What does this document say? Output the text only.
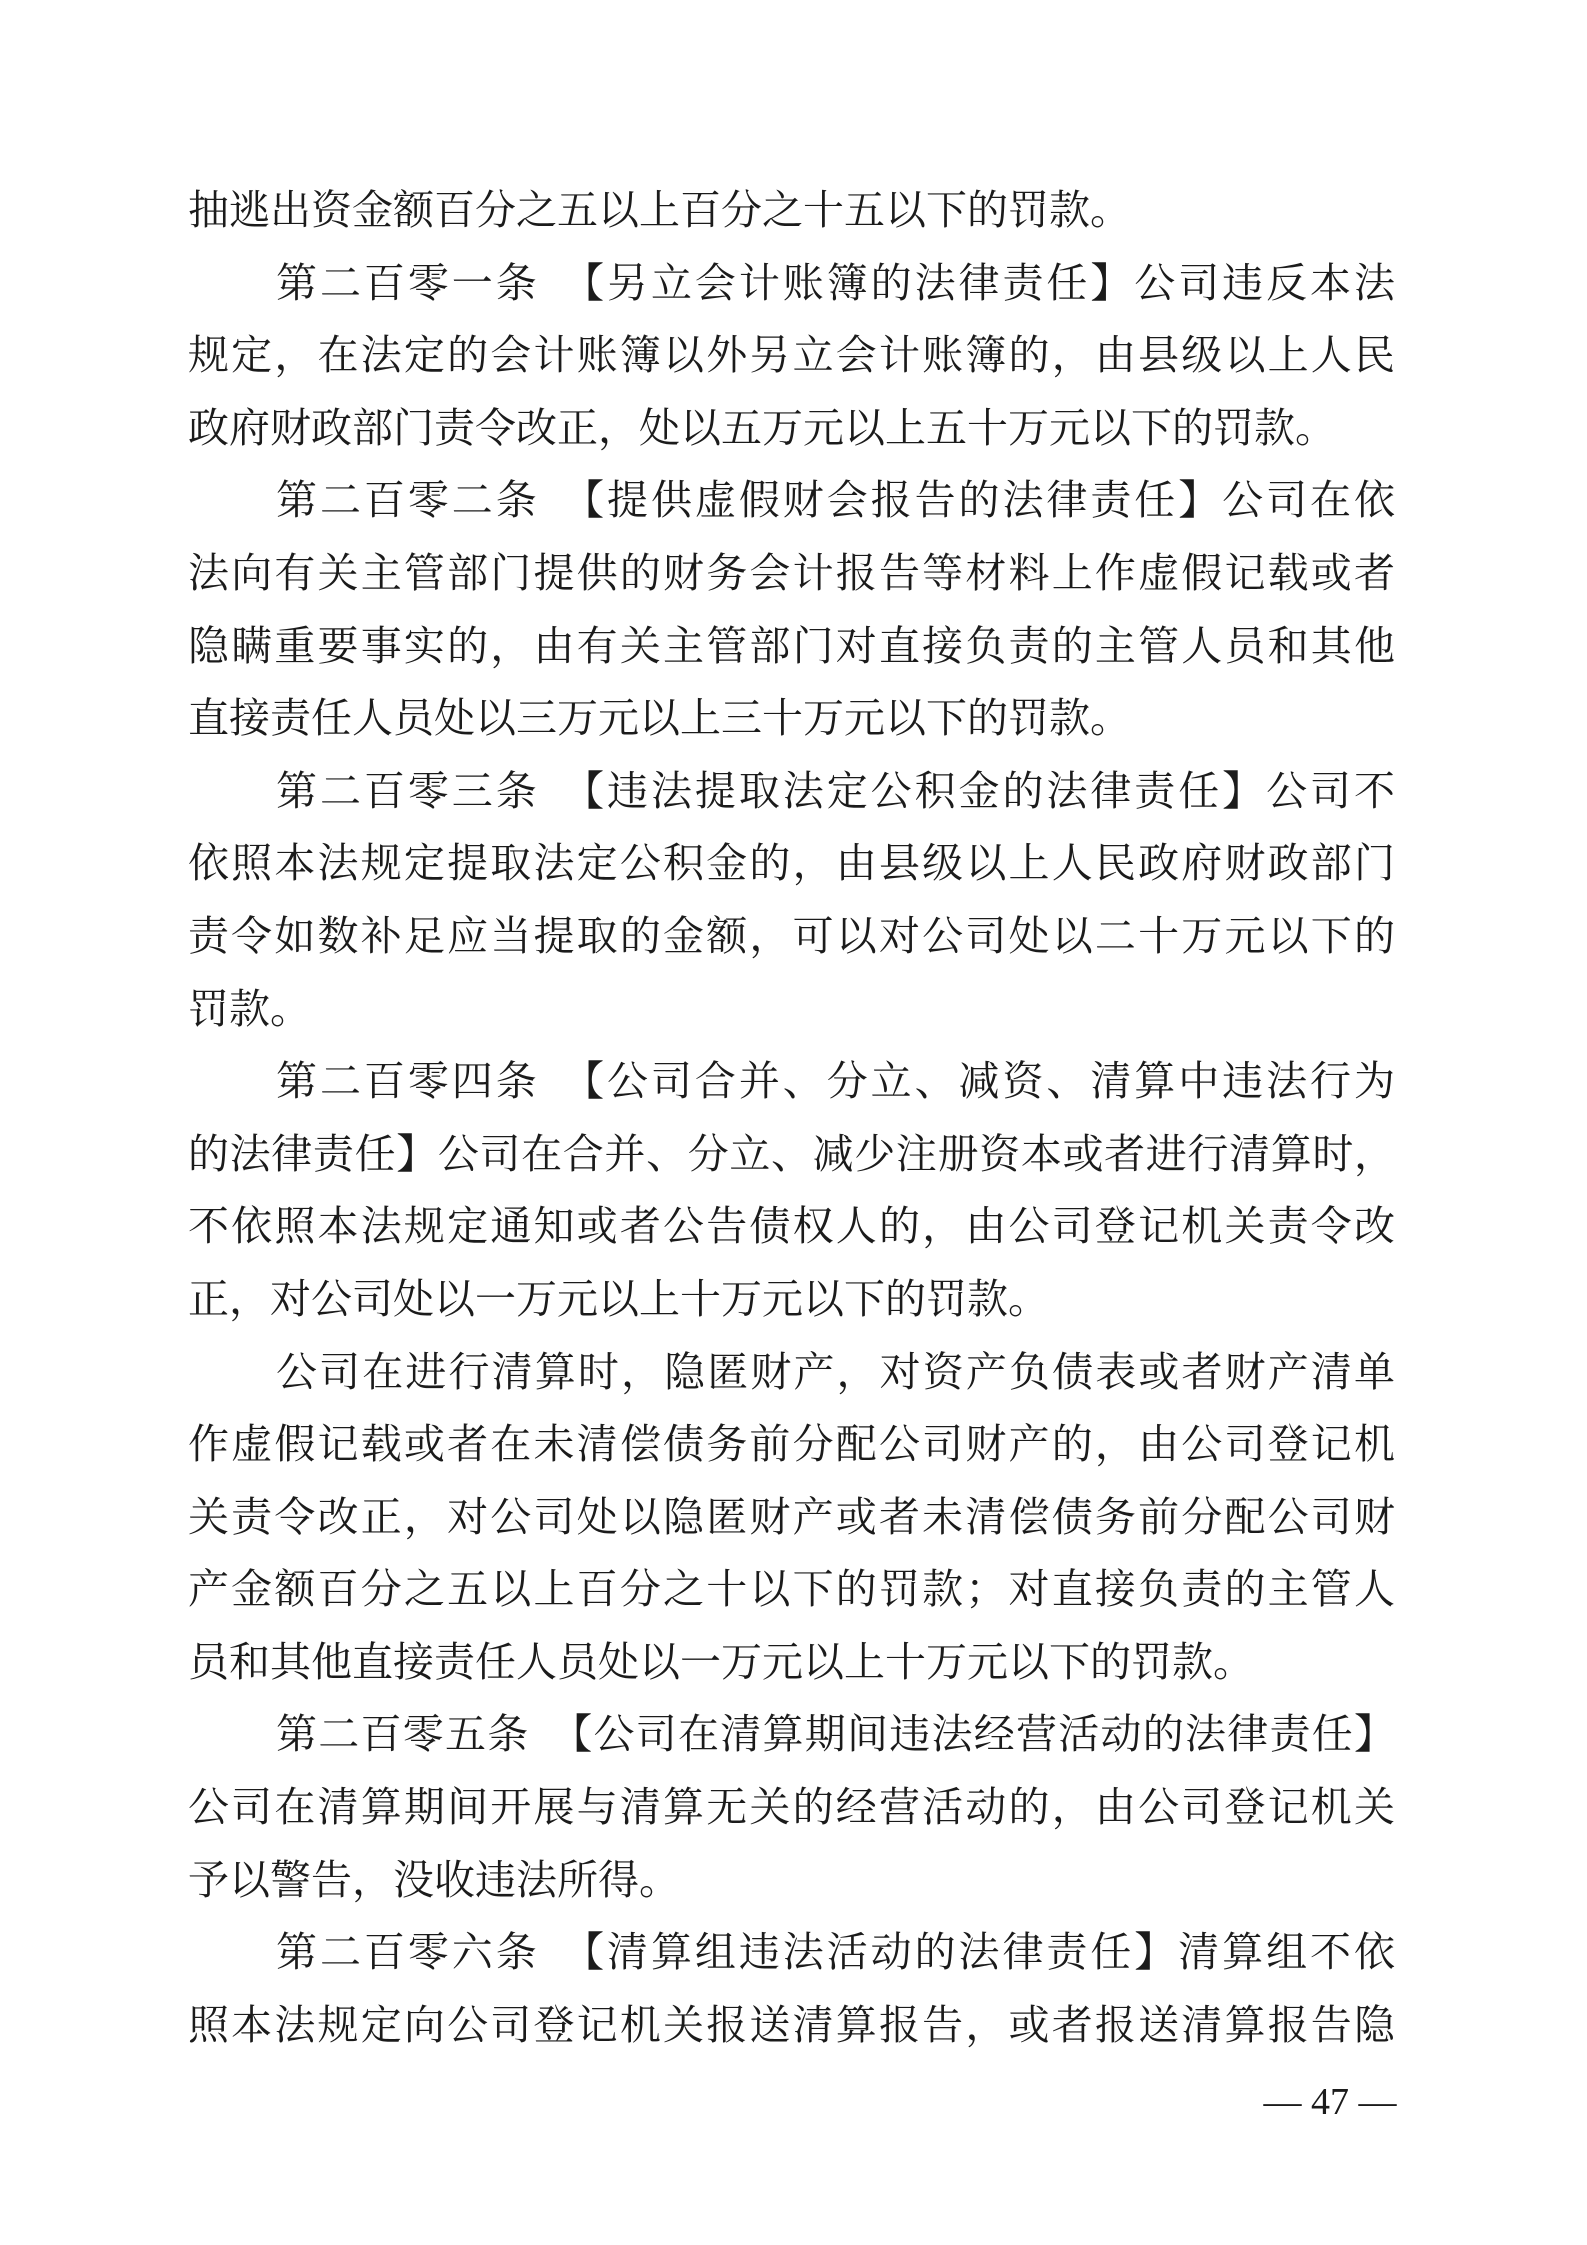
抽逃出资金额百分之五以上百分之十五以下的罚款。
第二百零一条　【另立会计账簿的法律责任】公司违反本法
规定，在法定的会计账簿以外另立会计账簿的，由县级以上人民
政府财政部门责令改正，处以五万元以上五十万元以下的罚款。
第二百零二条　【提供虚假财会报告的法律责任】公司在依
法向有关主管部门提供的财务会计报告等材料上作虚假记载或者
隐瞒重要事实的，由有关主管部门对直接负责的主管人员和其他
直接责任人员处以三万元以上三十万元以下的罚款。
第二百零三条　【违法提取法定公积金的法律责任】公司不
依照本法规定提取法定公积金的，由县级以上人民政府财政部门
责令如数补足应当提取的金额，可以对公司处以二十万元以下的
罚款。
第二百零四条　【公司合并、分立、减资、清算中违法行为
的法律责任】公司在合并、分立、减少注册资本或者进行清算时，
不依照本法规定通知或者公告债权人的，由公司登记机关责令改
正，对公司处以一万元以上十万元以下的罚款。
公司在进行清算时，隐匿财产，对资产负债表或者财产清单
作虚假记载或者在未清偿债务前分配公司财产的，由公司登记机
关责令改正，对公司处以隐匿财产或者未清偿债务前分配公司财
产金额百分之五以上百分之十以下的罚款；对直接负责的主管人
员和其他直接责任人员处以一万元以上十万元以下的罚款。
第二百零五条　【公司在清算期间违法经营活动的法律责任】
公司在清算期间开展与清算无关的经营活动的，由公司登记机关
予以警告，没收违法所得。
第二百零六条　【清算组违法活动的法律责任】清算组不依
照本法规定向公司登记机关报送清算报告，或者报送清算报告隐
— 47 —
